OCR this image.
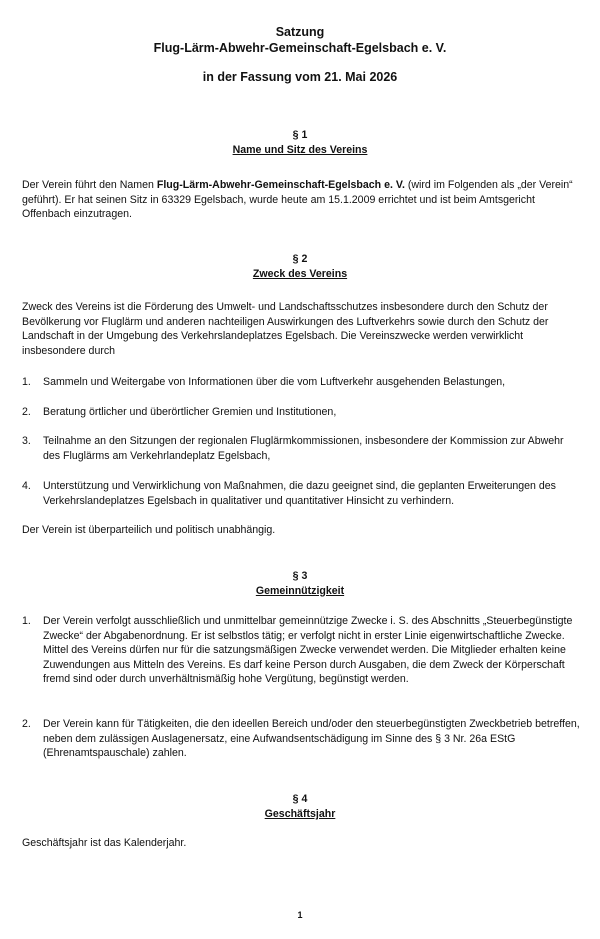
Satzung
Flug-Lärm-Abwehr-Gemeinschaft-Egelsbach e. V.
in der Fassung vom 21. Mai 2026
§ 1
Name und Sitz des Vereins

Der Verein führt den Namen Flug-Lärm-Abwehr-Gemeinschaft-Egelsbach e. V. (wird im Folgenden als „der Verein“ geführt). Er hat seinen Sitz in 63329 Egelsbach, wurde heute am 15.1.2009 errichtet und ist beim Amtsgericht Offenbach einzutragen.

§ 2
Zweck des Vereins

Zweck des Vereins ist die Förderung des Umwelt- und Landschaftsschutzes insbesondere durch den Schutz der Bevölkerung vor Fluglärm und anderen nachteiligen Auswirkungen des Luftverkehrs sowie durch den Schutz der Landschaft in der Umgebung des Verkehrslandeplatzes Egelsbach. Die Vereinszwecke werden verwirklicht insbesondere durch

1.	Sammeln und Weitergabe von Informationen über die vom Luftverkehr ausgehenden Belastungen,
2.	Beratung örtlicher und überörtlicher Gremien und Institutionen,
3.	Teilnahme an den Sitzungen der regionalen Fluglärmkommissionen, insbesondere der Kommission zur Abwehr des Fluglärms am Verkehrlandeplatz Egelsbach,
4.	Unterstützung und Verwirklichung von Maßnahmen, die dazu geeignet sind, die geplanten Erweiterungen des Verkehrslandeplatzes Egelsbach in qualitativer und quantitativer Hinsicht zu verhindern.

Der Verein ist überparteilich und politisch unabhängig.

§ 3
Gemeinnützigkeit
1.	Der Verein verfolgt ausschließlich und unmittelbar gemeinnützige Zwecke i. S. des Abschnitts „Steuerbegünstigte Zwecke“ der Abgabenordnung. Er ist selbstlos tätig; er verfolgt nicht in erster Linie eigenwirtschaftliche Zwecke. Mittel des Vereins dürfen nur für die satzungsmäßigen Zwecke verwendet werden. Die Mitglieder erhalten keine Zuwendungen aus Mitteln des Vereins. Es darf keine Person durch Ausgaben, die dem Zweck der Körperschaft fremd sind oder durch unverhältnismäßig hohe Vergütung, begünstigt werden.
2.	Der Verein kann für Tätigkeiten, die den ideellen Bereich und/oder den steuerbegünstigten Zweckbetrieb betreffen, neben dem zulässigen Auslagenersatz, eine Aufwandsentschädigung im Sinne des § 3 Nr. 26a EStG (Ehrenamtspauschale) zahlen.
§ 4
Geschäftsjahr

Geschäftsjahr ist das Kalenderjahr.

1
